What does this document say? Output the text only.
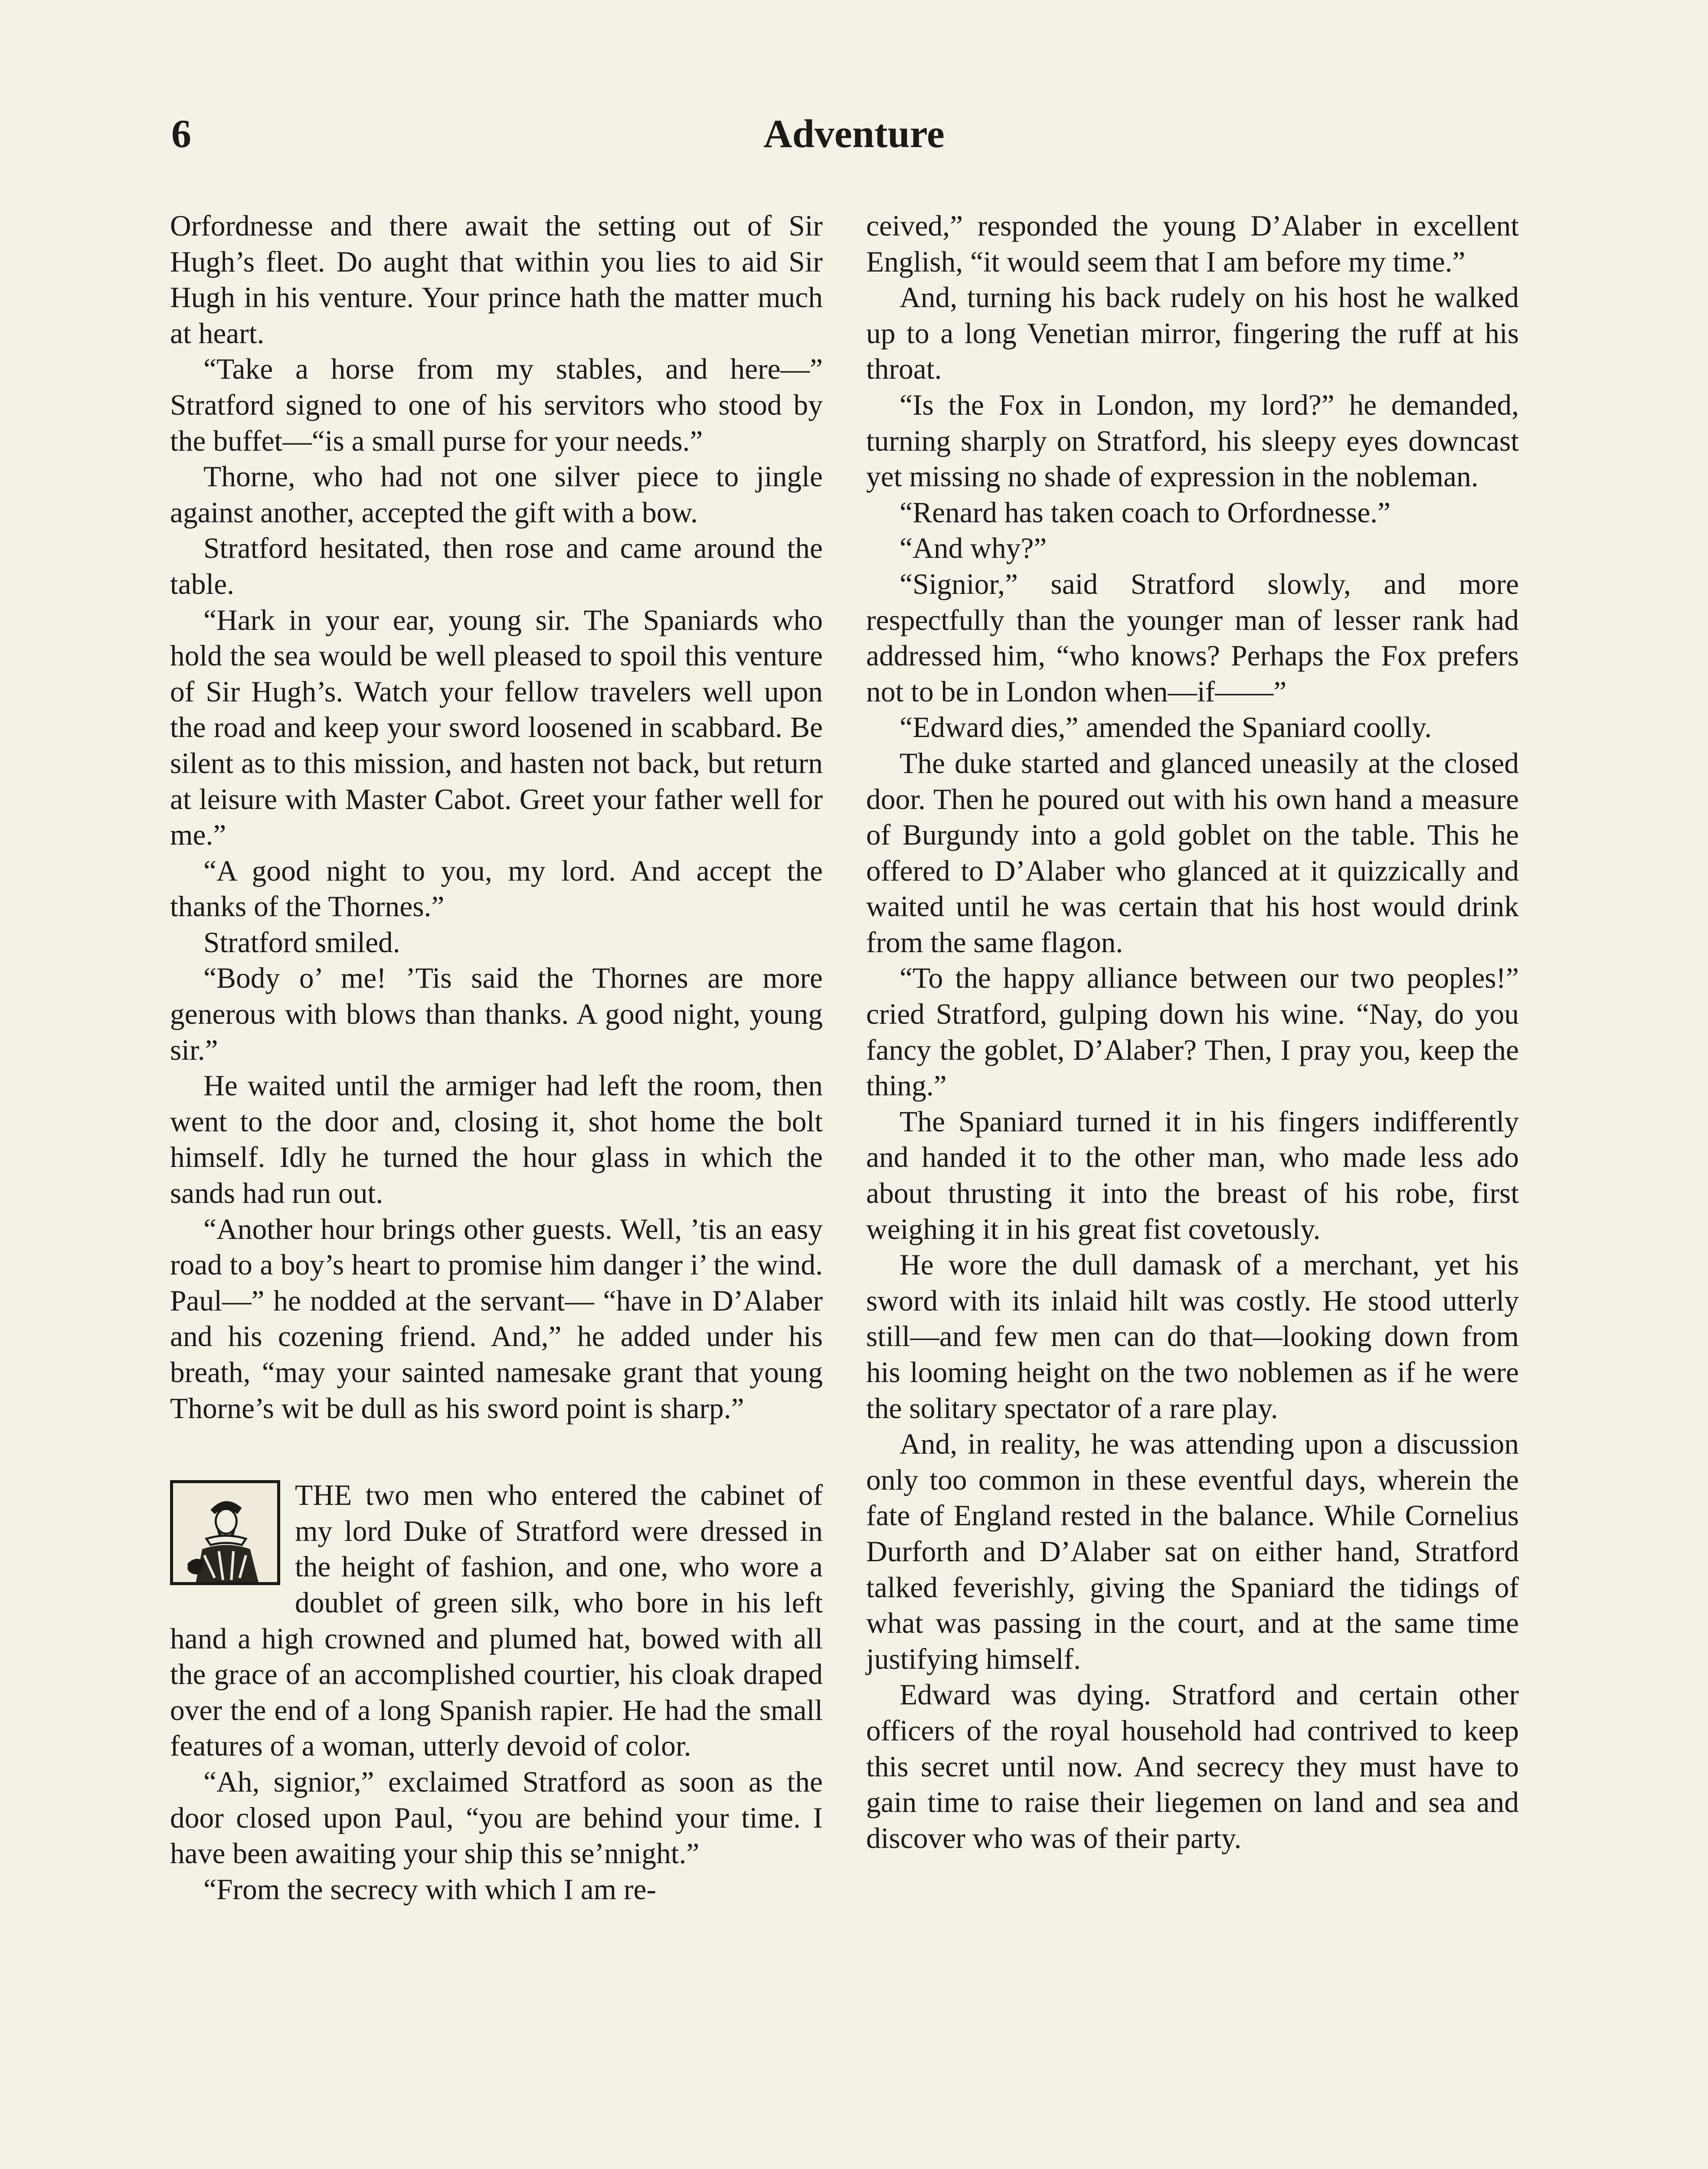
6	Adventure

Orfordnesse and there await the setting out of Sir Hugh’s fleet. Do aught that within you lies to aid Sir Hugh in his venture. Your prince hath the matter much at heart.

“Take a horse from my stables, and here—” Stratford signed to one of his servitors who stood by the buffet—“is a small purse for your needs.”

Thorne, who had not one silver piece to jingle against another, accepted the gift with a bow.

Stratford hesitated, then rose and came around the table.

“Hark in your ear, young sir. The Spaniards who hold the sea would be well pleased to spoil this venture of Sir Hugh’s. Watch your fellow travelers well upon the road and keep your sword loosened in scabbard. Be silent as to this mission, and hasten not back, but return at leisure with Master Cabot. Greet your father well for me.”

“A good night to you, my lord. And accept the thanks of the Thornes.”

Stratford smiled.

“Body o’ me! ’Tis said the Thornes are more generous with blows than thanks. A good night, young sir.”

He waited until the armiger had left the room, then went to the door and, closing it, shot home the bolt himself. Idly he turned the hour glass in which the sands had run out.

“Another hour brings other guests. Well, ’tis an easy road to a boy’s heart to promise him danger i’ the wind. Paul—” he nodded at the servant— “have in D’Alaber and his cozening friend. And,” he added under his breath, “may your sainted namesake grant that young Thorne’s wit be dull as his sword point is sharp.”

THE two men who entered the cabinet of my lord Duke of Stratford were dressed in the height of fashion, and one, who wore a doublet of green silk, who bore in his left hand a high crowned and plumed hat, bowed with all the grace of an accomplished courtier, his cloak draped over the end of a long Spanish rapier. He had the small features of a woman, utterly devoid of color.

“Ah, signior,” exclaimed Stratford as soon as the door closed upon Paul, “you are behind your time. I have been awaiting your ship this se’nnight.”

“From the secrecy with which I am re-

ceived,” responded the young D’Alaber in excellent English, “it would seem that I am before my time.”

And, turning his back rudely on his host he walked up to a long Venetian mirror, fingering the ruff at his throat.

“Is the Fox in London, my lord?” he demanded, turning sharply on Stratford, his sleepy eyes downcast yet missing no shade of expression in the nobleman.

“Renard has taken coach to Orfordnesse.”

“And why?”

“Signior,” said Stratford slowly, and more respectfully than the younger man of lesser rank had addressed him, “who knows? Perhaps the Fox prefers not to be in London when—if——”

“Edward dies,” amended the Spaniard coolly.

The duke started and glanced uneasily at the closed door. Then he poured out with his own hand a measure of Burgundy into a gold goblet on the table. This he offered to D’Alaber who glanced at it quizzically and waited until he was certain that his host would drink from the same flagon.

“To the happy alliance between our two peoples!” cried Stratford, gulping down his wine. “Nay, do you fancy the goblet, D’Alaber? Then, I pray you, keep the thing.”

The Spaniard turned it in his fingers indifferently and handed it to the other man, who made less ado about thrusting it into the breast of his robe, first weighing it in his great fist covetously.

He wore the dull damask of a merchant, yet his sword with its inlaid hilt was costly. He stood utterly still—and few men can do that—looking down from his looming height on the two noblemen as if he were the solitary spectator of a rare play.

And, in reality, he was attending upon a discussion only too common in these eventful days, wherein the fate of England rested in the balance. While Cornelius Durforth and D’Alaber sat on either hand, Stratford talked feverishly, giving the Spaniard the tidings of what was passing in the court, and at the same time justifying himself.

Edward was dying. Stratford and certain other officers of the royal household had contrived to keep this secret until now. And secrecy they must have to gain time to raise their liegemen on land and sea and discover who was of their party.
